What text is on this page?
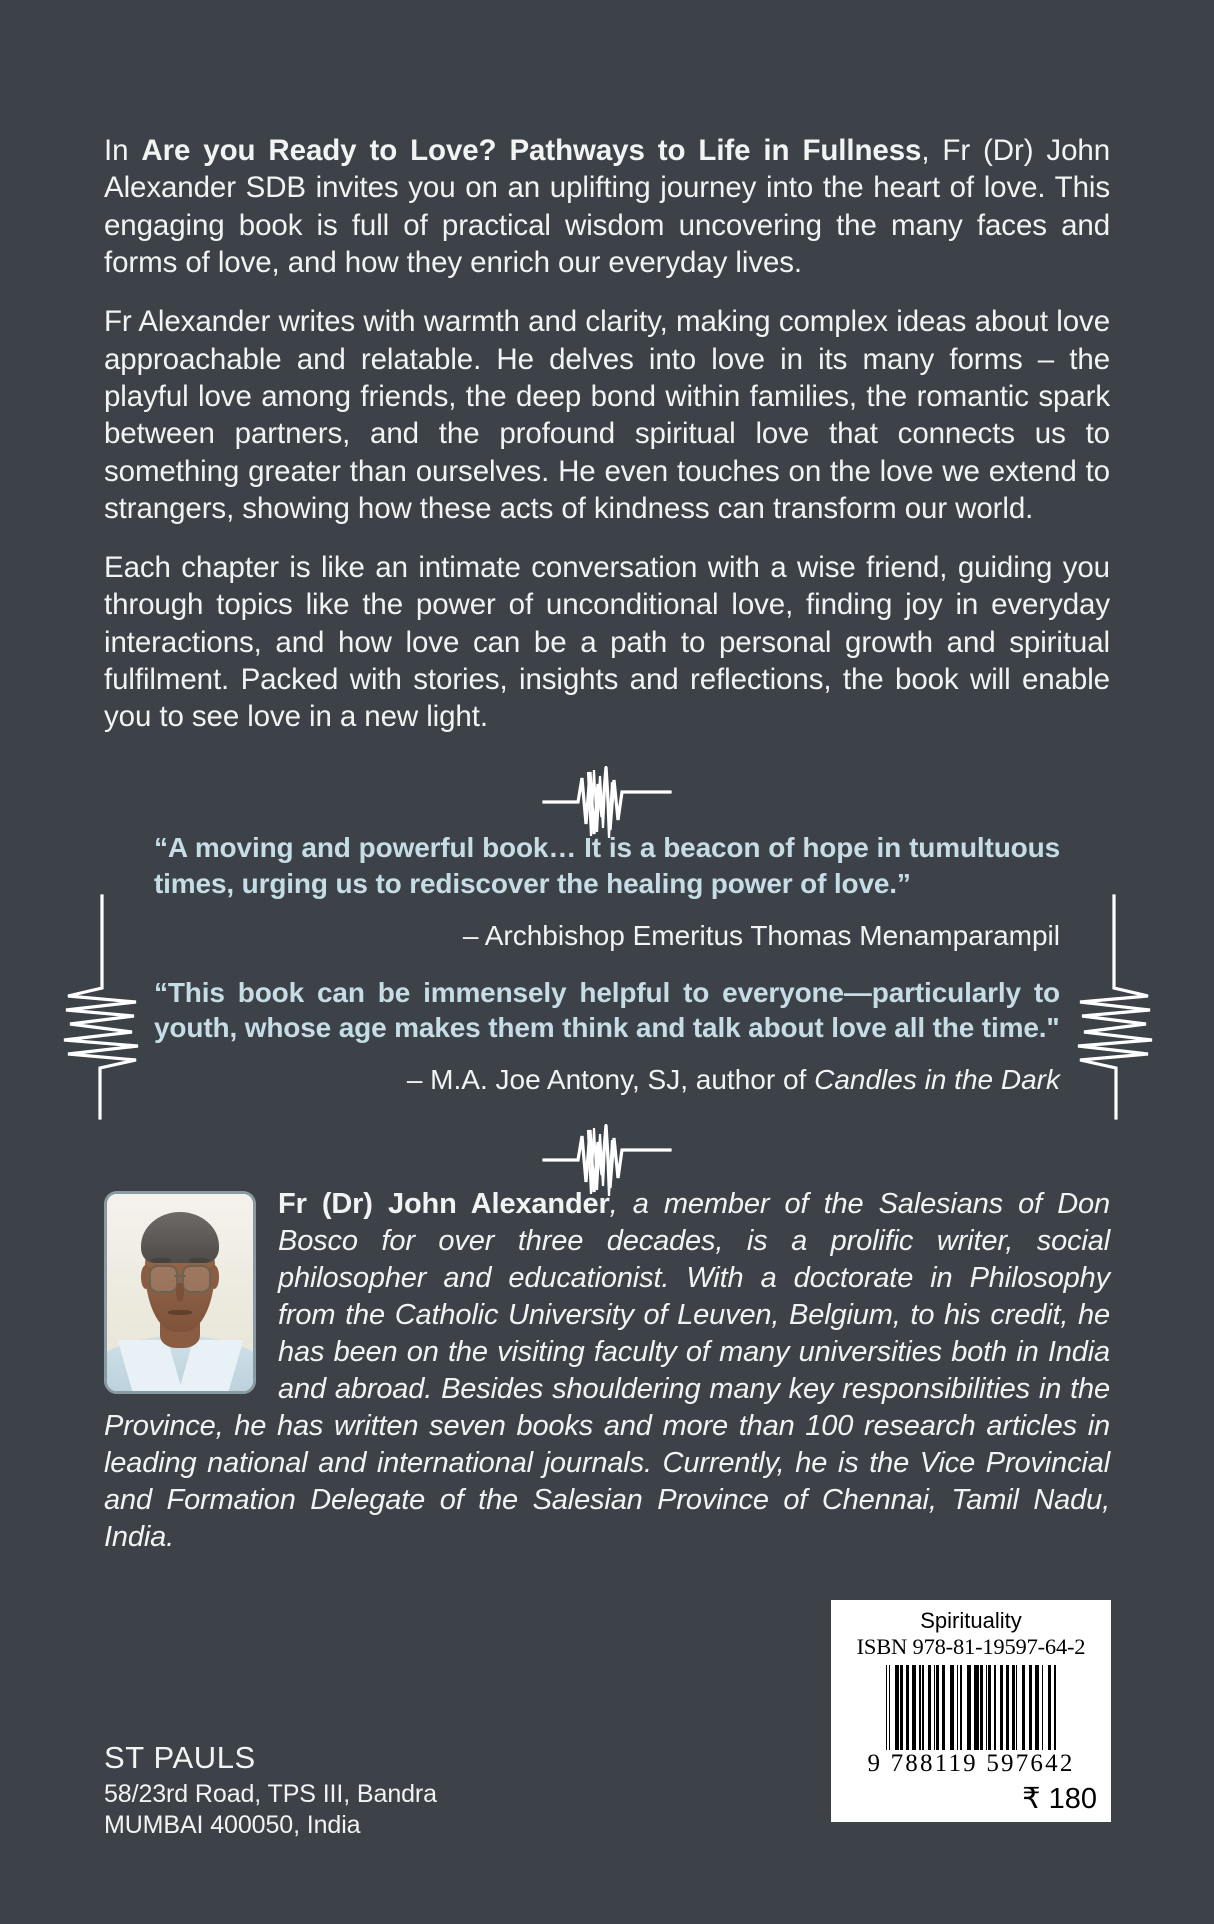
In Are you Ready to Love? Pathways to Life in Fullness, Fr (Dr) John Alexander SDB invites you on an uplifting journey into the heart of love. This engaging book is full of practical wisdom uncovering the many faces and forms of love, and how they enrich our everyday lives.

Fr Alexander writes with warmth and clarity, making complex ideas about love approachable and relatable. He delves into love in its many forms – the playful love among friends, the deep bond within families, the romantic spark between partners, and the profound spiritual love that connects us to something greater than ourselves. He even touches on the love we extend to strangers, showing how these acts of kindness can transform our world.

Each chapter is like an intimate conversation with a wise friend, guiding you through topics like the power of unconditional love, finding joy in everyday interactions, and how love can be a path to personal growth and spiritual fulfilment. Packed with stories, insights and reflections, the book will enable you to see love in a new light.

“A moving and powerful book… It is a beacon of hope in tumultuous times, urging us to rediscover the healing power of love.”

– Archbishop Emeritus Thomas Menamparampil

“This book can be immensely helpful to everyone—particularly to youth, whose age makes them think and talk about love all the time."

– M.A. Joe Antony, SJ, author of Candles in the Dark

Fr (Dr) John Alexander, a member of the Salesians of Don Bosco for over three decades, is a prolific writer, social philosopher and educationist. With a doctorate in Philosophy from the Catholic University of Leuven, Belgium, to his credit, he has been on the visiting faculty of many universities both in India and abroad. Besides shouldering many key responsibilities in the Province, he has written seven books and more than 100 research articles in leading national and international journals. Currently, he is the Vice Provincial and Formation Delegate of the Salesian Province of Chennai, Tamil Nadu, India.

ST PAULS

58/23rd Road, TPS III, Bandra

MUMBAI 400050, India

Spirituality
ISBN 978-81-19597-64-2
9 788119 597642
₹ 180
